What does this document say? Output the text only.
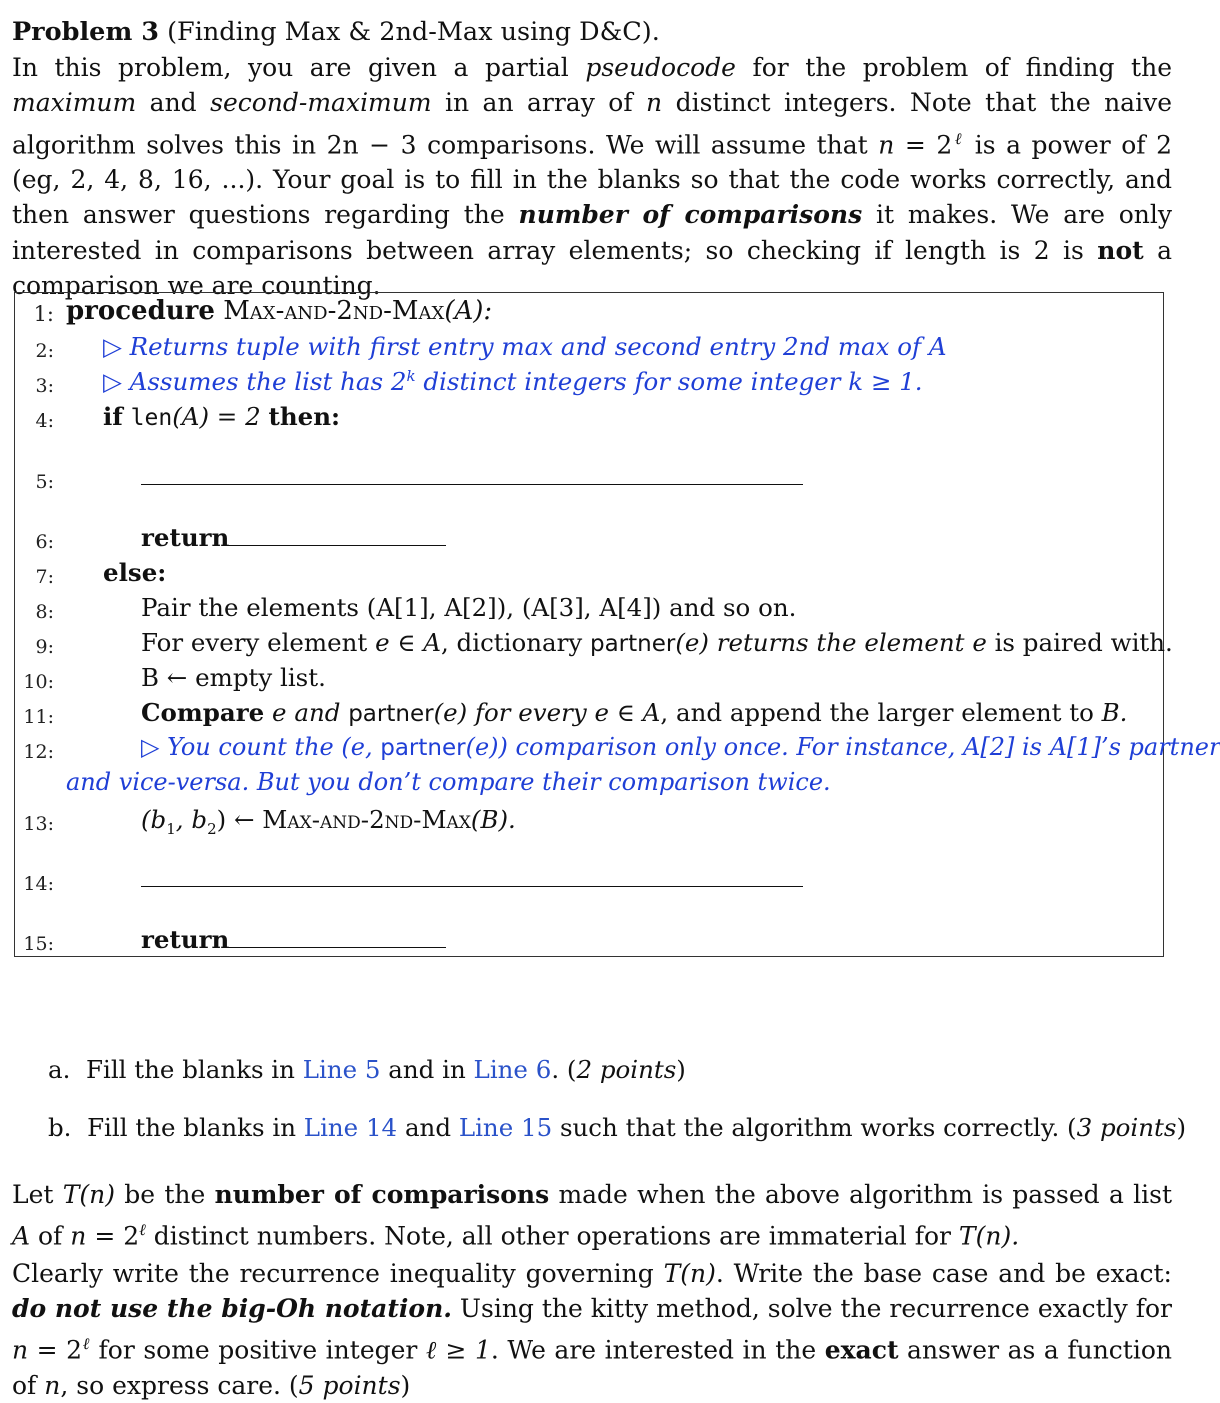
Problem 3 (Finding Max & 2nd-Max using D&C).
In this problem, you are given a partial pseudocode for the problem of finding the maximum and second-maximum in an array of n distinct integers. Note that the naive algorithm solves this in 2n − 3 comparisons. We will assume that $n = 2^\ell$ is a power of 2 (eg, 2, 4, 8, 16, ...). Your goal is to fill in the blanks so that the code works correctly, and then answer questions regarding the number of comparisons it makes. We are only interested in comparisons between array elements; so checking if length is 2 is not a comparison we are counting.
1:
2:
3:
4:
5:
6:
7:
8:
9:
10:
11:
12:
13:
14:
15:
procedure Max-and-2nd-Max(A):
▷ Returns tuple with first entry max and second entry 2nd max of A
▷ Assumes the list has 2$^k$ distinct integers for some integer k ≥ 1.
if len(A) = 2 then:
return
else:
Pair the elements (A[1], A[2]), (A[3], A[4]) and so on.
For every element e ∈ A, dictionary partner(e) returns the element e is paired with.
B ← empty list.
Compare e and partner(e) for every e ∈ A, and append the larger element to B.
▷ You count the (e, partner(e)) comparison only once. For instance, A[2] is A[1]’s partner
and vice-versa. But you don’t compare their comparison twice.
($b_1$, $b_2$) ← Max-and-2nd-Max(B).
return
a. Fill the blanks in Line 5 and in Line 6. (2 points)
b. Fill the blanks in Line 14 and Line 15 such that the algorithm works correctly. (3 points)
Let T(n) be the number of comparisons made when the above algorithm is passed a list A of $n = 2^\ell$ distinct numbers. Note, all other operations are immaterial for T(n).
Clearly write the recurrence inequality governing T(n). Write the base case and be exact: do not use the big-Oh notation. Using the kitty method, solve the recurrence exactly for $n = 2^\ell$ for some positive integer ℓ ≥ 1. We are interested in the exact answer as a function of n, so express care. (5 points)
